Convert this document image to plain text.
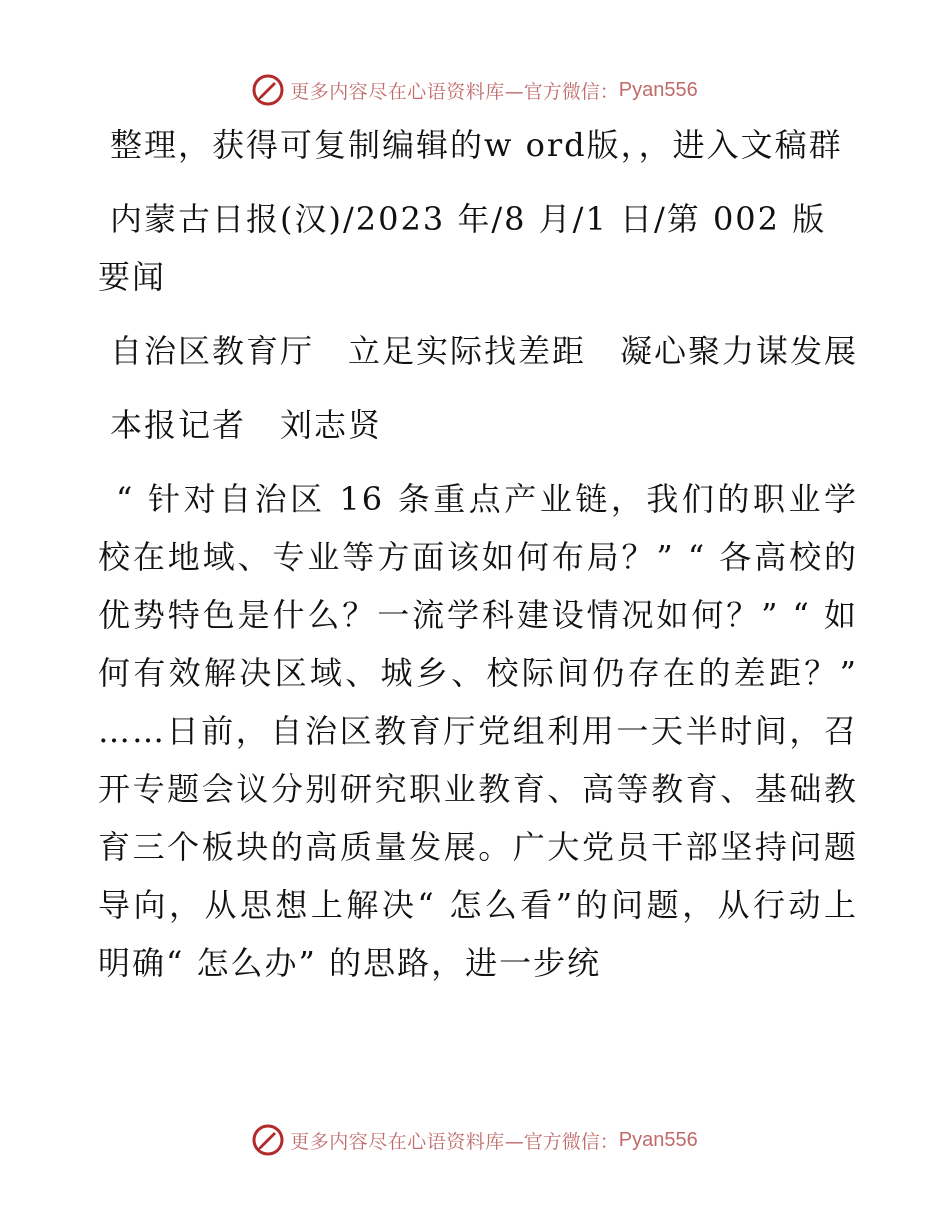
更多内容尽在心语资料库 —官方微信： Pyan556

整理，获得可复制编辑的w ord版，，进入文稿群

内蒙古日报(汉)/2023 年/8 月/1 日/第 002 版要闻

自治区教育厅　立足实际找差距　凝心聚力谋发展

本报记者　刘志贤

“ 针对自治区 16 条重点产业链，我们的职业学校在地域、专业等方面该如何布局？” “ 各高校的优势特色是什么？一流学科建设情况如何？” “ 如何有效解决区域、城乡、校际间仍存在的差距？” ……日前，自治区教育厅党组利用一天半时间，召开专题会议分别研究职业教育、高等教育、基础教育三个板块的高质量发展。广大党员干部坚持问题导向，从思想上解决“ 怎么看”的问题，从行动上明确“ 怎么办” 的思路，进一步统

更多内容尽在心语资料库 —官方微信： Pyan556
